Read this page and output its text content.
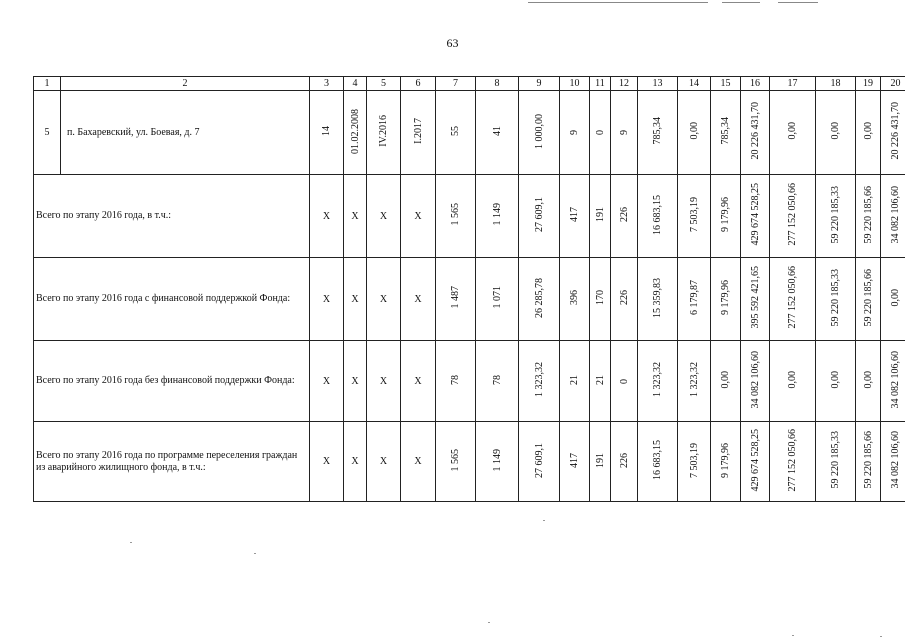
63
1	2	3	4	5	6	7	8	9	10	11	12	13	14	15	16	17	18	19	20
5	п. Бахаревский, ул. Боевая, д. 7	14	01.02.2008	IV.2016	I.2017	55	41	1 000,00	9	0	9	785,34	0,00	785,34	20 226 431,70	0,00	0,00	0,00	20 226 431,70
Всего по этапу 2016 года, в т.ч.:		X	X	X	X	1 565	1 149	27 609,1	417	191	226	16 683,15	7 503,19	9 179,96	429 674 528,25	277 152 050,66	59 220 185,33	59 220 185,66	34 082 106,60
Всего по этапу 2016 года с финансовой поддержкой Фонда:		X	X	X	X	1 487	1 071	26 285,78	396	170	226	15 359,83	6 179,87	9 179,96	395 592 421,65	277 152 050,66	59 220 185,33	59 220 185,66	0,00
Всего по этапу 2016 года без финансовой поддержки Фонда:		X	X	X	X	78	78	1 323,32	21	21	0	1 323,32	1 323,32	0,00	34 082 106,60	0,00	0,00	0,00	34 082 106,60
Всего по этапу 2016 года по программе переселения граждан из аварийного жилищного фонда, в т.ч.:		X	X	X	X	1 565	1 149	27 609,1	417	191	226	16 683,15	7 503,19	9 179,96	429 674 528,25	277 152 050,66	59 220 185,33	59 220 185,66	34 082 106,60
